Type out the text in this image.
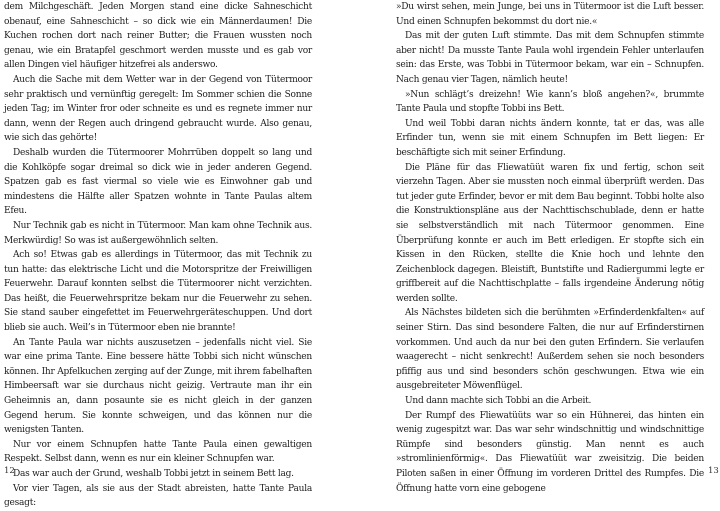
dem Milchgeschäft. Jeden Morgen stand eine dicke Sahneschicht obenauf, eine Sahneschicht – so dick wie ein Männerdaumen! Die Kuchen rochen dort nach reiner Butter; die Frauen wussten noch genau, wie ein Bratapfel geschmort werden musste und es gab vor allen Dingen viel häufiger hitzefrei als anderswo.

Auch die Sache mit dem Wetter war in der Gegend von Tütermoor sehr praktisch und vernünftig geregelt: Im Sommer schien die Sonne jeden Tag; im Winter fror oder schneite es und es regnete immer nur dann, wenn der Regen auch dringend gebraucht wurde. Also genau, wie sich das gehörte!

Deshalb wurden die Tütermoorer Mohrrüben doppelt so lang und die Kohlköpfe sogar dreimal so dick wie in jeder anderen Gegend. Spatzen gab es fast viermal so viele wie es Einwohner gab und mindestens die Hälfte aller Spatzen wohnte in Tante Paulas altem Efeu.

Nur Technik gab es nicht in Tütermoor. Man kam ohne Technik aus. Merkwürdig! So was ist außergewöhnlich selten.

Ach so! Etwas gab es allerdings in Tütermoor, das mit Technik zu tun hatte: das elektrische Licht und die Motorspritze der Freiwilligen Feuerwehr. Darauf konnten selbst die Tütermoorer nicht verzichten. Das heißt, die Feuerwehrspritze bekam nur die Feuerwehr zu sehen. Sie stand sauber eingefettet im Feuerwehrgeräteschuppen. Und dort blieb sie auch. Weil’s in Tütermoor eben nie brannte!

An Tante Paula war nichts auszusetzen – jedenfalls nicht viel. Sie war eine prima Tante. Eine bessere hätte Tobbi sich nicht wünschen können. Ihr Apfelkuchen zerging auf der Zunge, mit ihrem fabelhaften Himbeersaft war sie durchaus nicht geizig. Vertraute man ihr ein Geheimnis an, dann posaunte sie es nicht gleich in der ganzen Gegend herum. Sie konnte schweigen, und das können nur die wenigsten Tanten.

Nur vor einem Schnupfen hatte Tante Paula einen gewaltigen Respekt. Selbst dann, wenn es nur ein kleiner Schnupfen war.

Das war auch der Grund, weshalb Tobbi jetzt in seinem Bett lag.

Vor vier Tagen, als sie aus der Stadt abreisten, hatte Tante Paula gesagt:

12

»Du wirst sehen, mein Junge, bei uns in Tütermoor ist die Luft besser. Und einen Schnupfen bekommst du dort nie.«

Das mit der guten Luft stimmte. Das mit dem Schnupfen stimmte aber nicht! Da musste Tante Paula wohl irgendein Fehler unterlaufen sein: das Erste, was Tobbi in Tütermoor bekam, war ein – Schnupfen. Nach genau vier Tagen, nämlich heute!

»Nun schlägt’s dreizehn! Wie kann’s bloß angehen?«, brummte Tante Paula und stopfte Tobbi ins Bett.

Und weil Tobbi daran nichts ändern konnte, tat er das, was alle Erfinder tun, wenn sie mit einem Schnupfen im Bett liegen: Er beschäftigte sich mit seiner Erfindung.

Die Pläne für das Fliewatüüt waren fix und fertig, schon seit vierzehn Tagen. Aber sie mussten noch einmal überprüft werden. Das tut jeder gute Erfinder, bevor er mit dem Bau beginnt. Tobbi holte also die Konstruktionspläne aus der Nachttischschublade, denn er hatte sie selbstverständlich mit nach Tütermoor genommen. Eine Überprüfung konnte er auch im Bett erledigen. Er stopfte sich ein Kissen in den Rücken, stellte die Knie hoch und lehnte den Zeichenblock dagegen. Bleistift, Buntstifte und Radiergummi legte er griffbereit auf die Nachttischplatte – falls irgendeine Änderung nötig werden sollte.

Als Nächstes bildeten sich die berühmten »Erfinderdenkfalten« auf seiner Stirn. Das sind besondere Falten, die nur auf Erfinderstirnen vorkommen. Und auch da nur bei den guten Erfindern. Sie verlaufen waagerecht – nicht senkrecht! Außerdem sehen sie noch besonders pfiffig aus und sind besonders schön geschwungen. Etwa wie ein ausgebreiteter Möwenflügel.

Und dann machte sich Tobbi an die Arbeit.

Der Rumpf des Fliewatüüts war so ein Hühnerei, das hinten ein wenig zugespitzt war. Das war sehr windschnittig und windschnittige Rümpfe sind besonders günstig. Man nennt es auch »stromlinienförmig«. Das Fliewatüüt war zweisitzig. Die beiden Piloten saßen in einer Öffnung im vorderen Drittel des Rumpfes. Die Öffnung hatte vorn eine gebogene

13
